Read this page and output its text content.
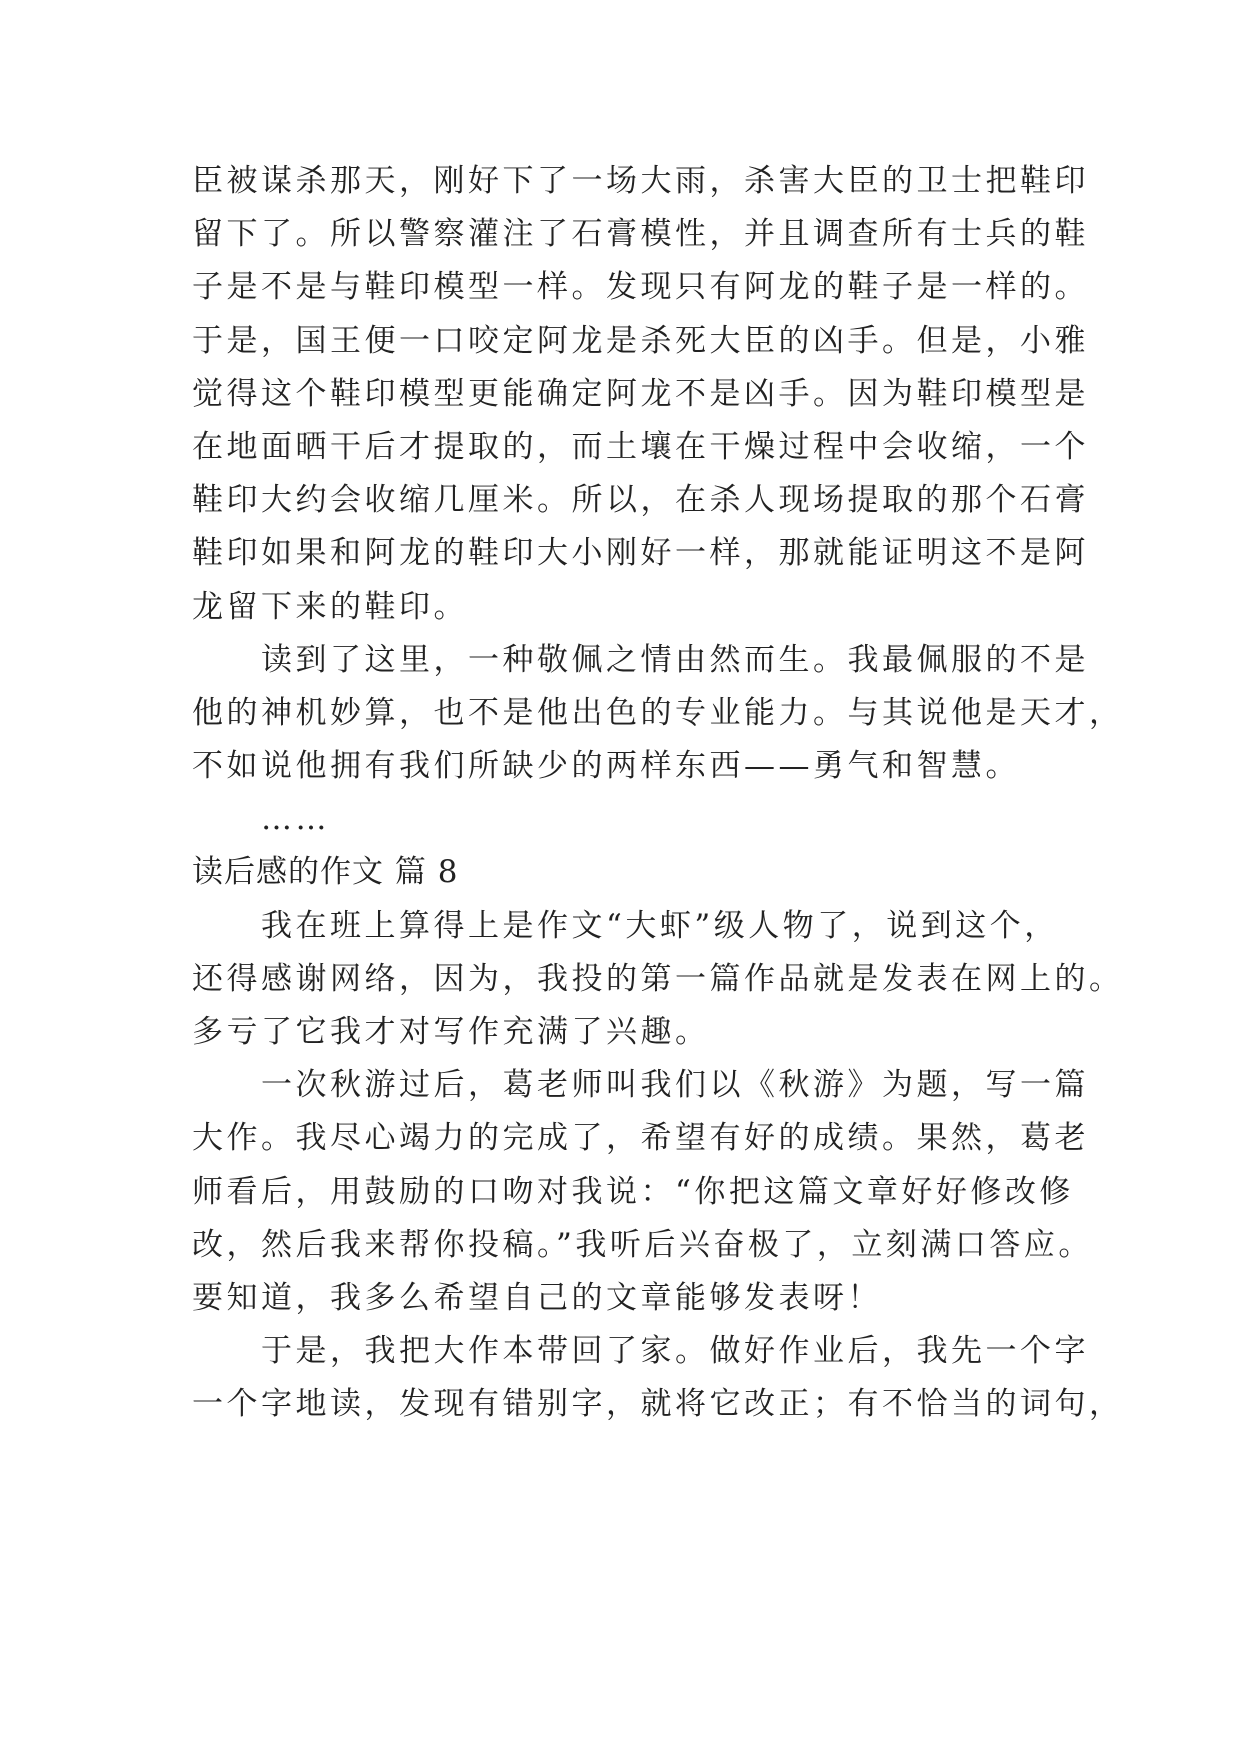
臣被谋杀那天，刚好下了一场大雨，杀害大臣的卫士把鞋印
留下了。所以警察灌注了石膏模性，并且调查所有士兵的鞋
子是不是与鞋印模型一样。发现只有阿龙的鞋子是一样的。
于是，国王便一口咬定阿龙是杀死大臣的凶手。但是，小雅
觉得这个鞋印模型更能确定阿龙不是凶手。因为鞋印模型是
在地面晒干后才提取的，而土壤在干燥过程中会收缩，一个
鞋印大约会收缩几厘米。所以，在杀人现场提取的那个石膏
鞋印如果和阿龙的鞋印大小刚好一样，那就能证明这不是阿
龙留下来的鞋印。
　　读到了这里，一种敬佩之情由然而生。我最佩服的不是
他的神机妙算，也不是他出色的专业能力。与其说他是天才，
不如说他拥有我们所缺少的两样东西——勇气和智慧。
　　……
读后感的作文 篇 8
　　我在班上算得上是作文“大虾”级人物了，说到这个，
还得感谢网络，因为，我投的第一篇作品就是发表在网上的。
多亏了它我才对写作充满了兴趣。
　　一次秋游过后，葛老师叫我们以《秋游》为题，写一篇
大作。我尽心竭力的完成了，希望有好的成绩。果然，葛老
师看后，用鼓励的口吻对我说：“你把这篇文章好好修改修
改，然后我来帮你投稿。”我听后兴奋极了，立刻满口答应。
要知道，我多么希望自己的文章能够发表呀！
　　于是，我把大作本带回了家。做好作业后，我先一个字
一个字地读，发现有错别字，就将它改正；有不恰当的词句，
